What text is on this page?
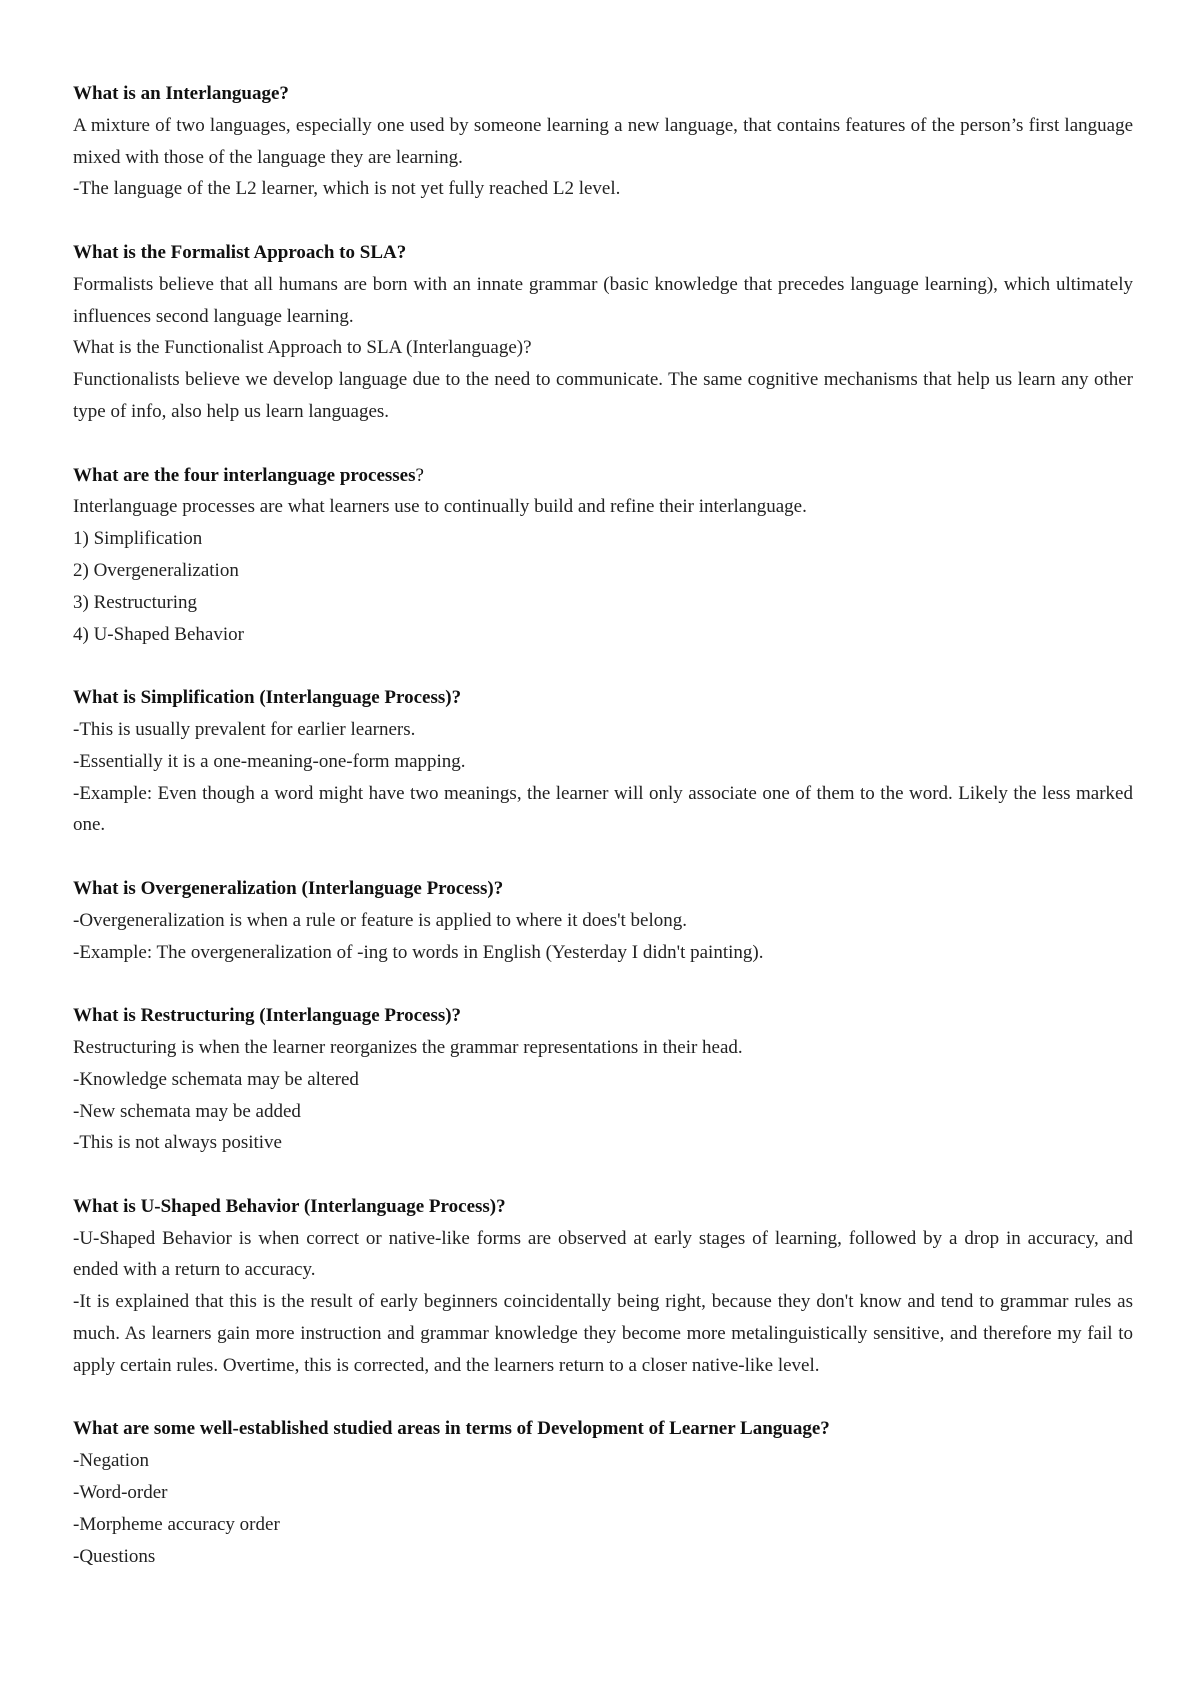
What is an Interlanguage?
A mixture of two languages, especially one used by someone learning a new language, that contains features of the person’s first language mixed with those of the language they are learning.
-The language of the L2 learner, which is not yet fully reached L2 level.
What is the Formalist Approach to SLA?
Formalists believe that all humans are born with an innate grammar (basic knowledge that precedes language learning), which ultimately influences second language learning.
What is the Functionalist Approach to SLA (Interlanguage)?
Functionalists believe we develop language due to the need to communicate. The same cognitive mechanisms that help us learn any other type of info, also help us learn languages.
What are the four interlanguage processes?
Interlanguage processes are what learners use to continually build and refine their interlanguage.
1) Simplification
2) Overgeneralization
3) Restructuring
4) U-Shaped Behavior
What is Simplification (Interlanguage Process)?
-This is usually prevalent for earlier learners.
-Essentially it is a one-meaning-one-form mapping.
-Example: Even though a word might have two meanings, the learner will only associate one of them to the word. Likely the less marked one.
What is Overgeneralization (Interlanguage Process)?
-Overgeneralization is when a rule or feature is applied to where it does't belong.
-Example: The overgeneralization of -ing to words in English (Yesterday I didn't painting).
What is Restructuring (Interlanguage Process)?
Restructuring is when the learner reorganizes the grammar representations in their head.
-Knowledge schemata may be altered
-New schemata may be added
-This is not always positive
What is U-Shaped Behavior (Interlanguage Process)?
-U-Shaped Behavior is when correct or native-like forms are observed at early stages of learning, followed by a drop in accuracy, and ended with a return to accuracy.
-It is explained that this is the result of early beginners coincidentally being right, because they don't know and tend to grammar rules as much. As learners gain more instruction and grammar knowledge they become more metalinguistically sensitive, and therefore my fail to apply certain rules. Overtime, this is corrected, and the learners return to a closer native-like level.
What are some well-established studied areas in terms of Development of Learner Language?
-Negation
-Word-order
-Morpheme accuracy order
-Questions
